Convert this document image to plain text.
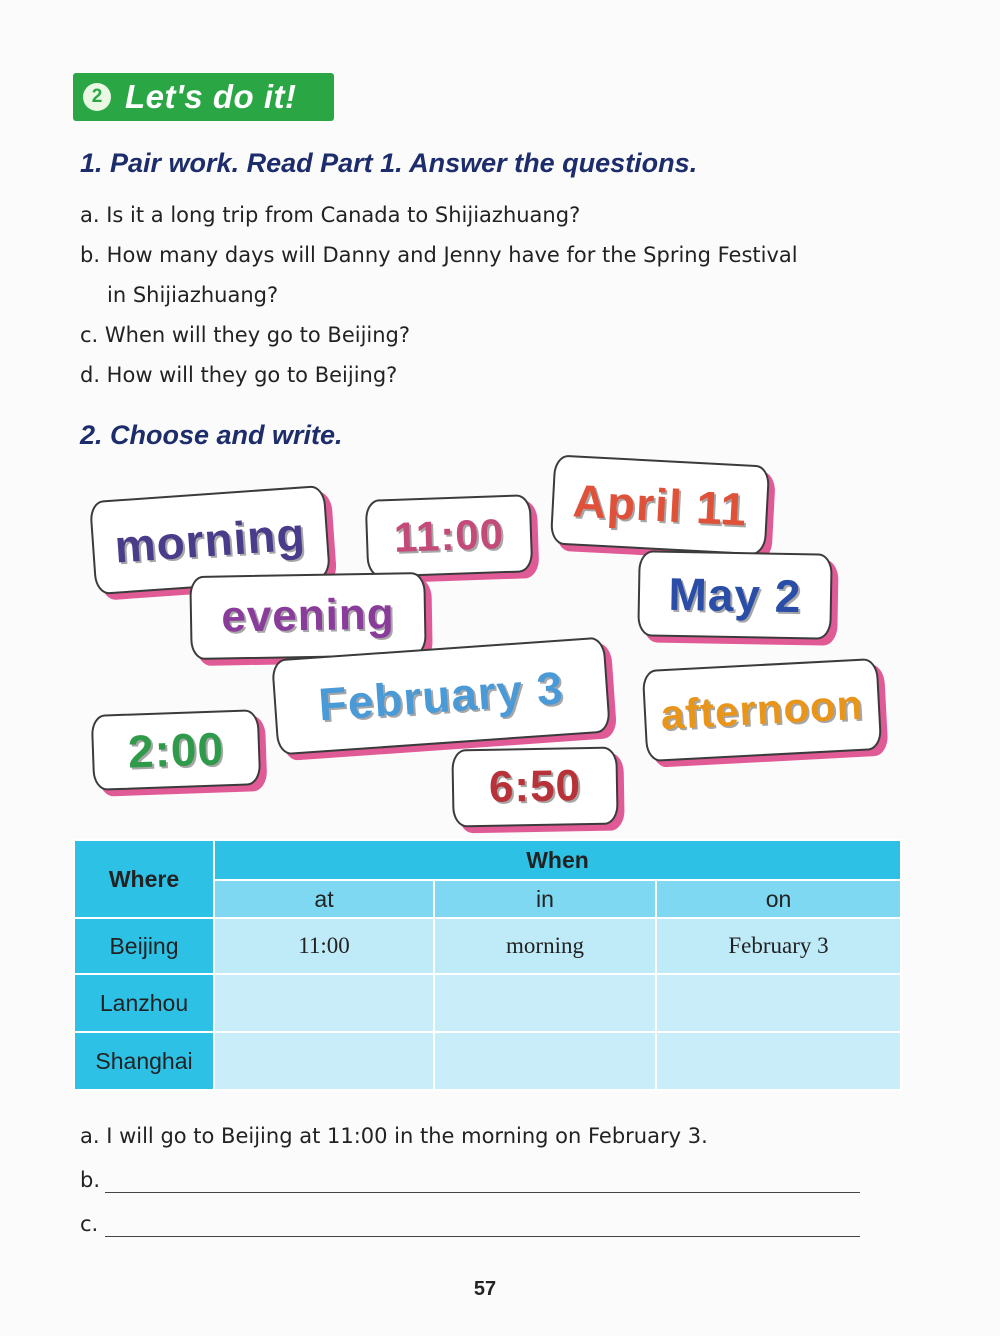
2 Let's do it!
1. Pair work. Read Part 1. Answer the questions.
a. Is it a long trip from Canada to Shijiazhuang?
b. How many days will Danny and Jenny have for the Spring Festival
in Shijiazhuang?
c. When will they go to Beijing?
d. How will they go to Beijing?
2. Choose and write.
morning 11:00 April 11
evening	May 2
February 3 afternoon
2:00
6:50
Where	When		
	at	in	on
Beijing	11:00	morning	February 3
Lanzhou			
Shanghai			
a. I will go to Beijing at 11:00 in the morning on February 3.
b.
c.
57
